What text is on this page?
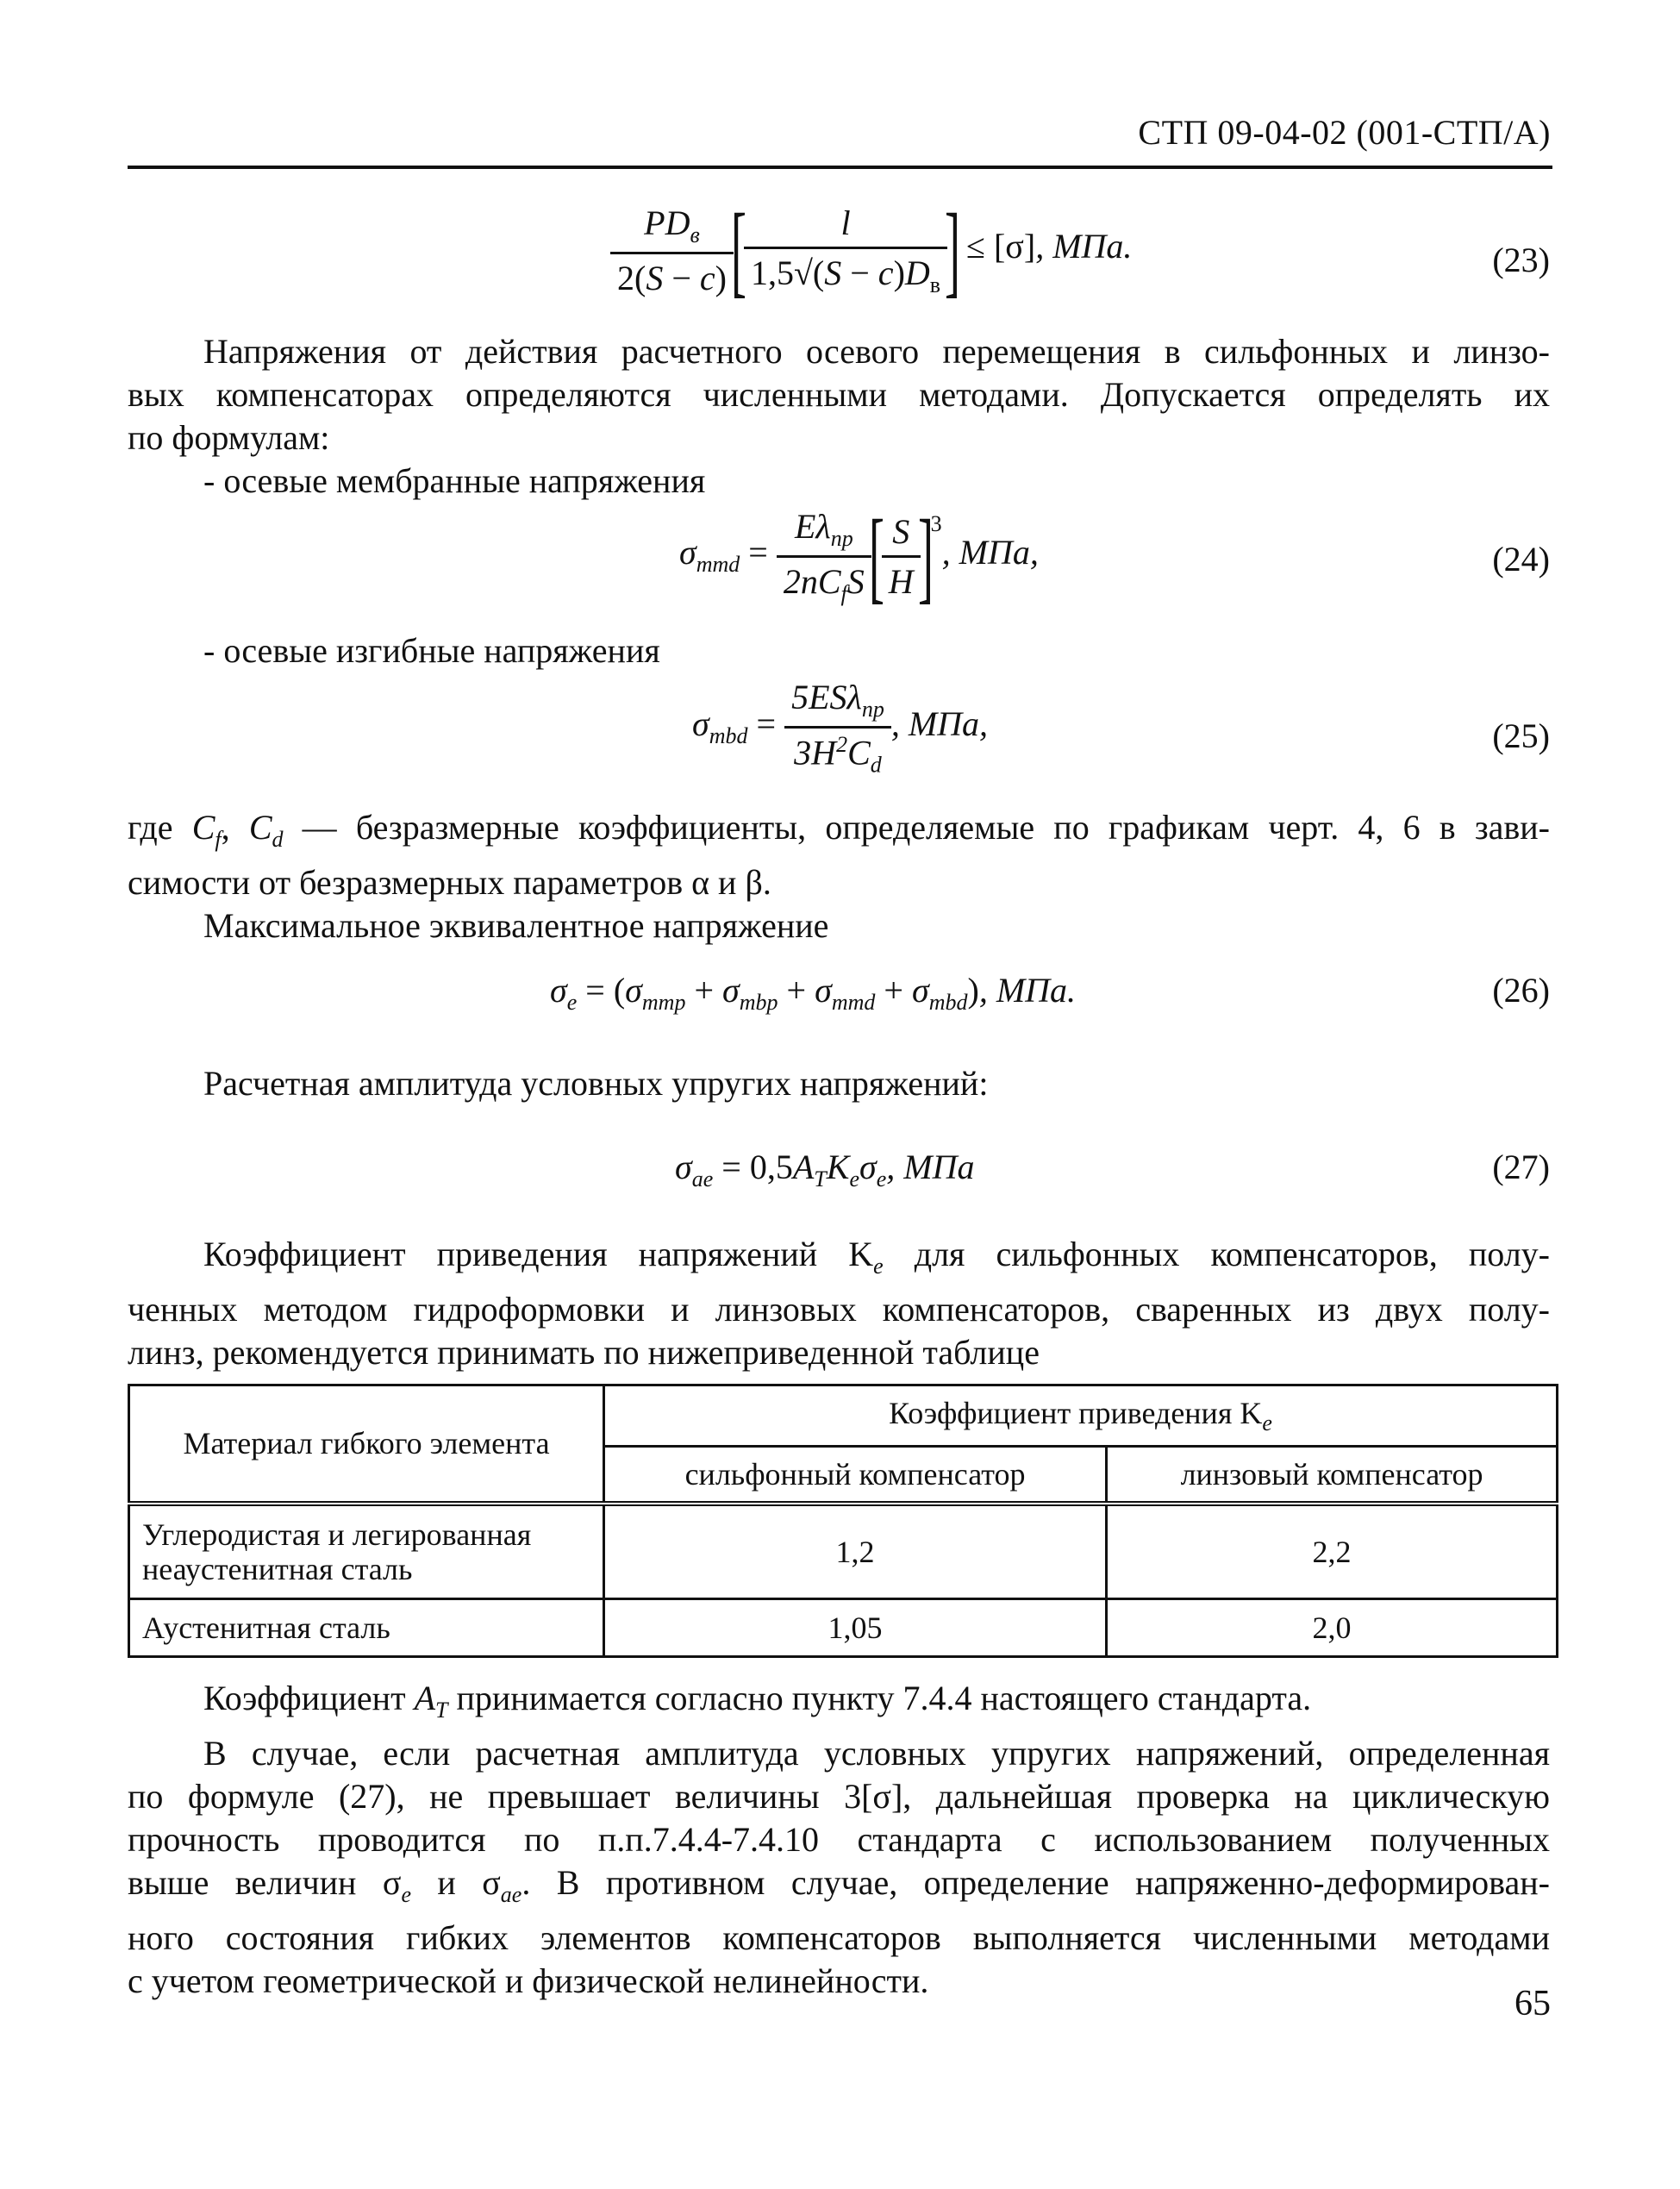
СТП 09-04-02 (001-СТП/А)
$\frac{PD_в}{2(S - c)}$
[
$\frac{l}{1,5√(S - c)D_в}$
] ≤ [σ], МПа.	(23)
Напряжения от действия расчетного осевого перемещения в сильфонных и линзо-
вых компенсаторах определяются численными методами. Допускается определять их
по формулам:
- осевые мембранные напряжения
$\sigma_{mmd} = \frac{E\lambda_{пр}}{2nC_fS}$
[
$\frac{S}{H}$
]$^3$, МПа,	(24)
- осевые изгибные напряжения
$\sigma_{mbd} = \frac{5ES\lambda_{пр}}{3H^2C_d}$ , МПа,	(25)
где $C_f$, $C_d$ — безразмерные коэффициенты, определяемые по графикам черт. 4, 6 в зави-
симости от безразмерных параметров α и β.
Максимальное эквивалентное напряжение
$\sigma_e = (\sigma_{mmp} + \sigma_{mbp} + \sigma_{mmd} + \sigma_{mbd})$, МПа.	(26)
Расчетная амплитуда условных упругих напряжений:
$\sigma_{ae} = 0,5A_TK_e\sigma_e$, МПа	(27)
Коэффициент приведения напряжений $K_e$ для сильфонных компенсаторов, полу-
ченных методом гидроформовки и линзовых компенсаторов, сваренных из двух полу-
линз, рекомендуется принимать по нижеприведенной таблице
Материал гибкого элемента	Коэффициент приведения $K_e$
	сильфонный компенсатор	линзовый компенсатор

Углеродистая и легированная
неаустенитная сталь	1,2	2,2
Аустенитная сталь	1,05	2,0
Коэффициент $A_T$ принимается согласно пункту 7.4.4 настоящего стандарта.
В случае, если расчетная амплитуда условных упругих напряжений, определенная
по формуле (27), не превышает величины 3[σ], дальнейшая проверка на циклическую
прочность проводится по п.п.7.4.4-7.4.10 стандарта с использованием полученных
выше величин $\sigma_e$ и $\sigma_{ae}$. В противном случае, определение напряженно-деформирован-
ного состояния гибких элементов компенсаторов выполняется численными методами
с учетом геометрической и физической нелинейности.
65
